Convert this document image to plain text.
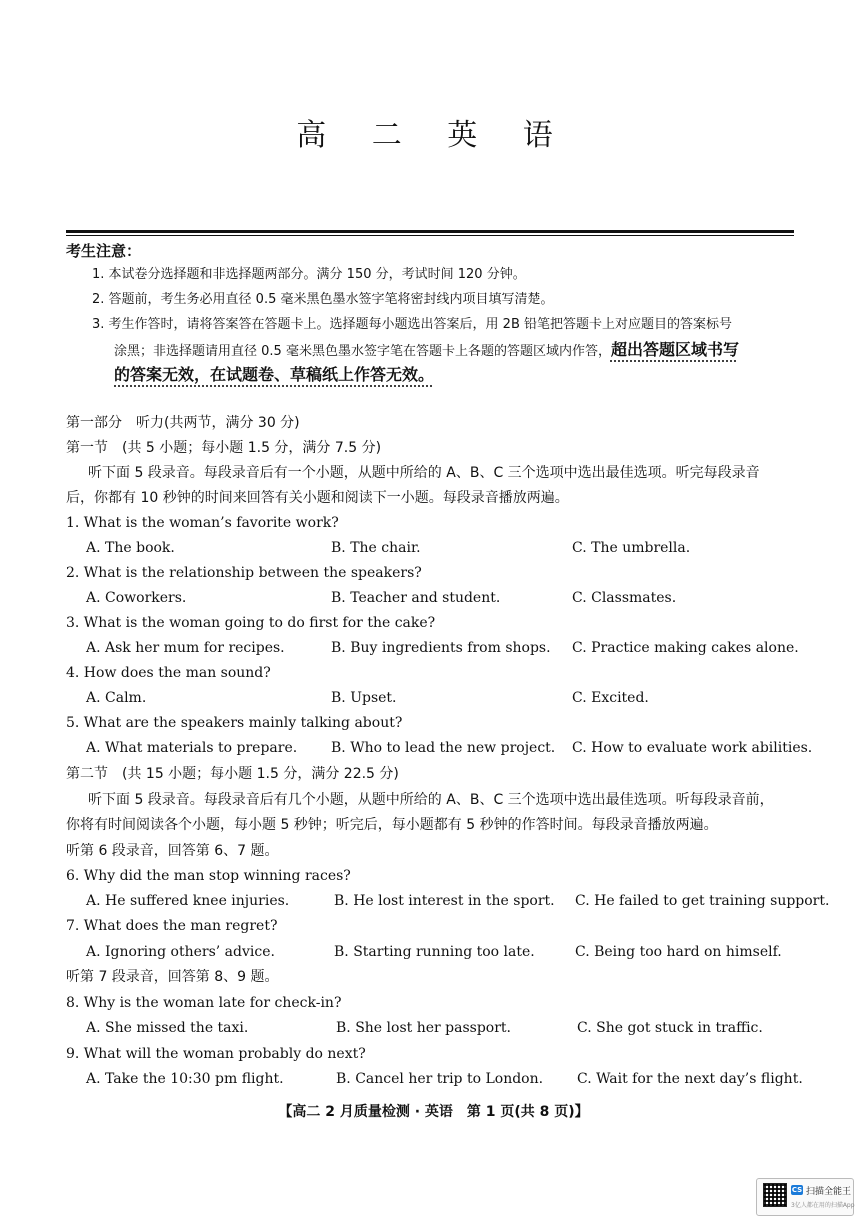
高 二 英 语
考生注意：
1. 本试卷分选择题和非选择题两部分。满分 150 分，考试时间 120 分钟。
2. 答题前，考生务必用直径 0.5 毫米黑色墨水签字笔将密封线内项目填写清楚。
3. 考生作答时，请将答案答在答题卡上。选择题每小题选出答案后，用 2B 铅笔把答题卡上对应题目的答案标号
涂黑；非选择题请用直径 0.5 毫米黑色墨水签字笔在答题卡上各题的答题区域内作答，超出答题区域书写
的答案无效，在试题卷、草稿纸上作答无效。
第一部分　听力(共两节，满分 30 分)
第一节　(共 5 小题；每小题 1.5 分，满分 7.5 分)
听下面 5 段录音。每段录音后有一个小题，从题中所给的 A、B、C 三个选项中选出最佳选项。听完每段录音
后，你都有 10 秒钟的时间来回答有关小题和阅读下一小题。每段录音播放两遍。
1. What is the woman’s favorite work?
A. The book.	B. The chair.	C. The umbrella.
2. What is the relationship between the speakers?
A. Coworkers.	B. Teacher and student.	C. Classmates.
3. What is the woman going to do first for the cake?
A. Ask her mum for recipes.	B. Buy ingredients from shops. C. Practice making cakes alone.
4. How does the man sound?
A. Calm.	B. Upset.	C. Excited.
5. What are the speakers mainly talking about?
A. What materials to prepare. B. Who to lead the new project. C. How to evaluate work abilities.
第二节　(共 15 小题；每小题 1.5 分，满分 22.5 分)
听下面 5 段录音。每段录音后有几个小题，从题中所给的 A、B、C 三个选项中选出最佳选项。听每段录音前，
你将有时间阅读各个小题，每小题 5 秒钟；听完后，每小题都有 5 秒钟的作答时间。每段录音播放两遍。
听第 6 段录音，回答第 6、7 题。
6. Why did the man stop winning races?
A. He suffered knee injuries.	B. He lost interest in the sport. C. He failed to get training support.
7. What does the man regret?
A. Ignoring others’ advice.	B. Starting running too late.	C. Being too hard on himself.
听第 7 段录音，回答第 8、9 题。
8. Why is the woman late for check-in?
A. She missed the taxi.	B. She lost her passport.	C. She got stuck in traffic.
9. What will the woman probably do next?
A. Take the 10:30 pm flight.	B. Cancel her trip to London. C. Wait for the next day’s flight.
【高二 2 月质量检测 · 英语　第 1 页(共 8 页)】
CS 扫描全能王
3亿人都在用的扫描App
